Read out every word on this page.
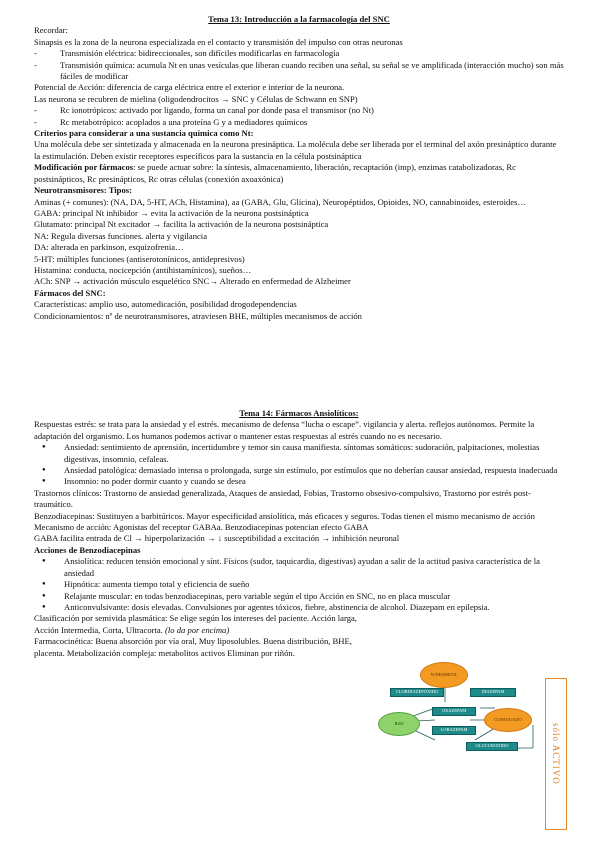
Tema 13: Introducción a la farmacología del SNC
Recordar:
Sinapsis es la zona de la neurona especializada en el contacto y transmisión del impulso con otras neuronas
- Transmisión eléctrica: bidireccionales, son difíciles modificarlas en farmacología
- Transmisión química: acumula Nt en unas vesículas que liberan cuando reciben una señal, su señal se ve amplificada (interacción mucho) son más fáciles de modificar
Potencial de Acción: diferencia de carga eléctrica entre el exterior e interior de la neurona.
Las neurona se recubren de mielina (oligodendrocitos → SNC y Células de Schwann en SNP)
- Rc ionotrópicos: activado por ligando, forma un canal por donde pasa el transmisor (no Nt)
- Rc metabotrópico: acoplados a una proteína G y a mediadores químicos
Criterios para considerar a una sustancia química como Nt:
Una molécula debe ser sintetizada y almacenada en la neurona presináptica. La molécula debe ser liberada por el terminal del axón presináptico durante la estimulación. Deben existir receptores específicos para la sustancia en la célula postsináptica
Modificación por fármacos: se puede actuar sobre: la síntesis, almacenamiento, liberación, recaptación (imp), enzimas catabolizadoras, Rc postsinápticos, Rc presinápticos, Rc otras células (conexión axoaxónica)
Neurotransmisores: Tipos:
Aminas (+ comunes): (NA, DA, 5-HT, ACh, Histamina), aa (GABA, Glu, Glicina), Neuropéptidos, Opioides, NO, cannabinoides, esteroides…
GABA: principal Nt inhibidor → evita la activación de la neurona postsináptica
Glutamato: principal Nt excitador → facilita la activación de la neurona postsináptica
NA: Regula diversas funciones. alerta y vigilancia
DA: alterada en parkinson, esquizofrenia…
5-HT: múltiples funciones (antiserotonínicos, antidepresivos)
Histamina: conducta, nocicepción (antihistamínicos), sueños…
ACh: SNP → activación músculo esquelético SNC→ Alterado en enfermedad de Alzheimer
Fármacos del SNC:
Características: amplio uso, automedicación, posibilidad drogodependencias
Condicionamientos: nº de neurotransmisores, atraviesen BHE, múltiples mecanismos de acción
Tema 14: Fármacos Ansiolíticos:
Respuestas estrés: se trata para la ansiedad y el estrés. mecanismo de defensa “lucha o escape”. vigilancia y alerta. reflejos autónomos. Permite la adaptación del organismo. Los humanos podemos activar o mantener estas respuestas al estrés cuando no es necesario.
● Ansiedad: sentimiento de aprensión, incertidumbre y temor sin causa manifiesta. síntomas somáticos: sudoración, palpitaciones, molestias digestivas, insomnio, cefaleas.
● Ansiedad patológica: demasiado intensa o prolongada, surge sin estímulo, por estímulos que no deberían causar ansiedad, respuesta inadecuada
● Insomnio: no poder dormir cuanto y cuando se desea
Trastornos clínicos: Trastorno de ansiedad generalizada, Ataques de ansiedad, Fobias, Trastorno obsesivo-compulsivo, Trastorno por estrés post-traumático.
Benzodiacepinas: Sustituyen a barbitúricos. Mayor especificidad ansiolítica, más eficaces y seguros. Todas tienen el mismo mecanismo de acción
Mecanismo de acción: Agonistas del receptor GABAa. Benzodiacepinas potencian efecto GABA
GABA facilita entrada de Cl → hiperpolarización → ↓ susceptibilidad a excitación → inhibición neuronal
Acciones de Benzodiacepinas
● Ansiolítica: reducen tensión emocional y sínt. Físicos (sudor, taquicardia, digestivas) ayudan a salir de la actitud pasiva característica de la ansiedad
● Hipnótica: aumenta tiempo total y eficiencia de sueño
● Relajante muscular: en todas benzodiacepinas, pero variable según el tipo Acción en SNC, no en placa muscular
● Anticonvulsivante: dosis elevadas. Convulsiones por agentes tóxicos, fiebre, abstinencia de alcohol. Diazepam en epilepsia.
Clasificación por semivida plasmática: Se elige según los intereses del paciente. Acción larga, Acción Intermedia, Corta, Ultracorta. (lo da por encima)
Farmacocinética: Buena absorción por vía oral, Muy liposolubles. Buena distribución, BHE, placenta. Metabolización compleja: metabolitos activos Eliminan por riñón.
N-DESMETIL
CLORDIAZEPÓXIDO	DIAZEPAM
BZD
OXAZEPAM
LORAZEPAM
CONJUGADO
GLUCURONIDO	sólo ACTIVO
